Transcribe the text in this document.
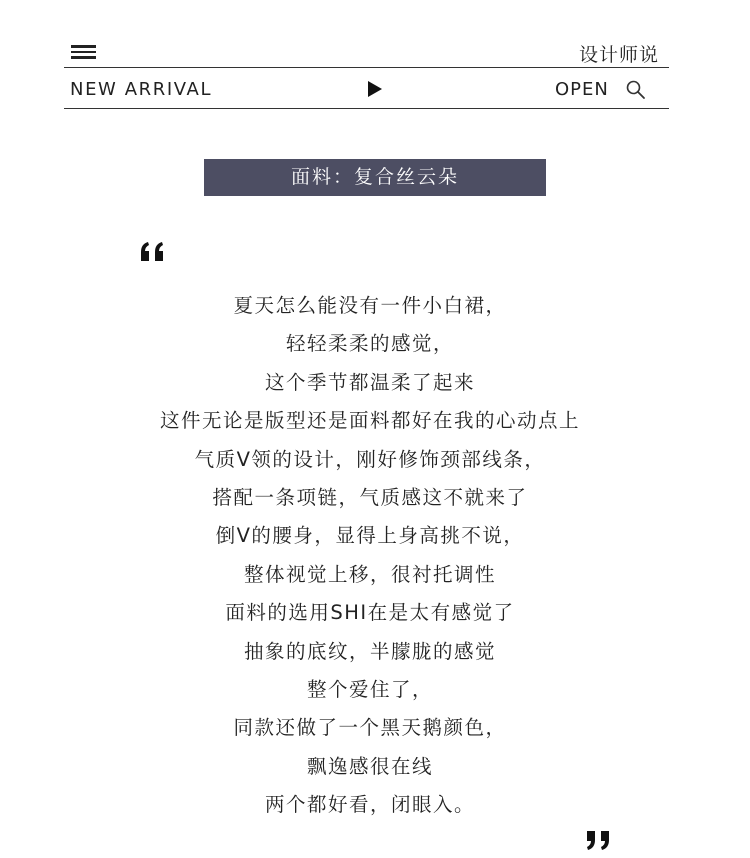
设计师说
NEW ARRIVAL	OPEN
面料：复合丝云朵
夏天怎么能没有一件小白裙，
轻轻柔柔的感觉，
这个季节都温柔了起来
这件无论是版型还是面料都好在我的心动点上
气质V领的设计，刚好修饰颈部线条，
搭配一条项链，气质感这不就来了
倒V的腰身，显得上身高挑不说，
整体视觉上移，很衬托调性
面料的选用SHI在是太有感觉了
抽象的底纹，半朦胧的感觉
整个爱住了，
同款还做了一个黑天鹅颜色，
飘逸感很在线
两个都好看，闭眼入。
